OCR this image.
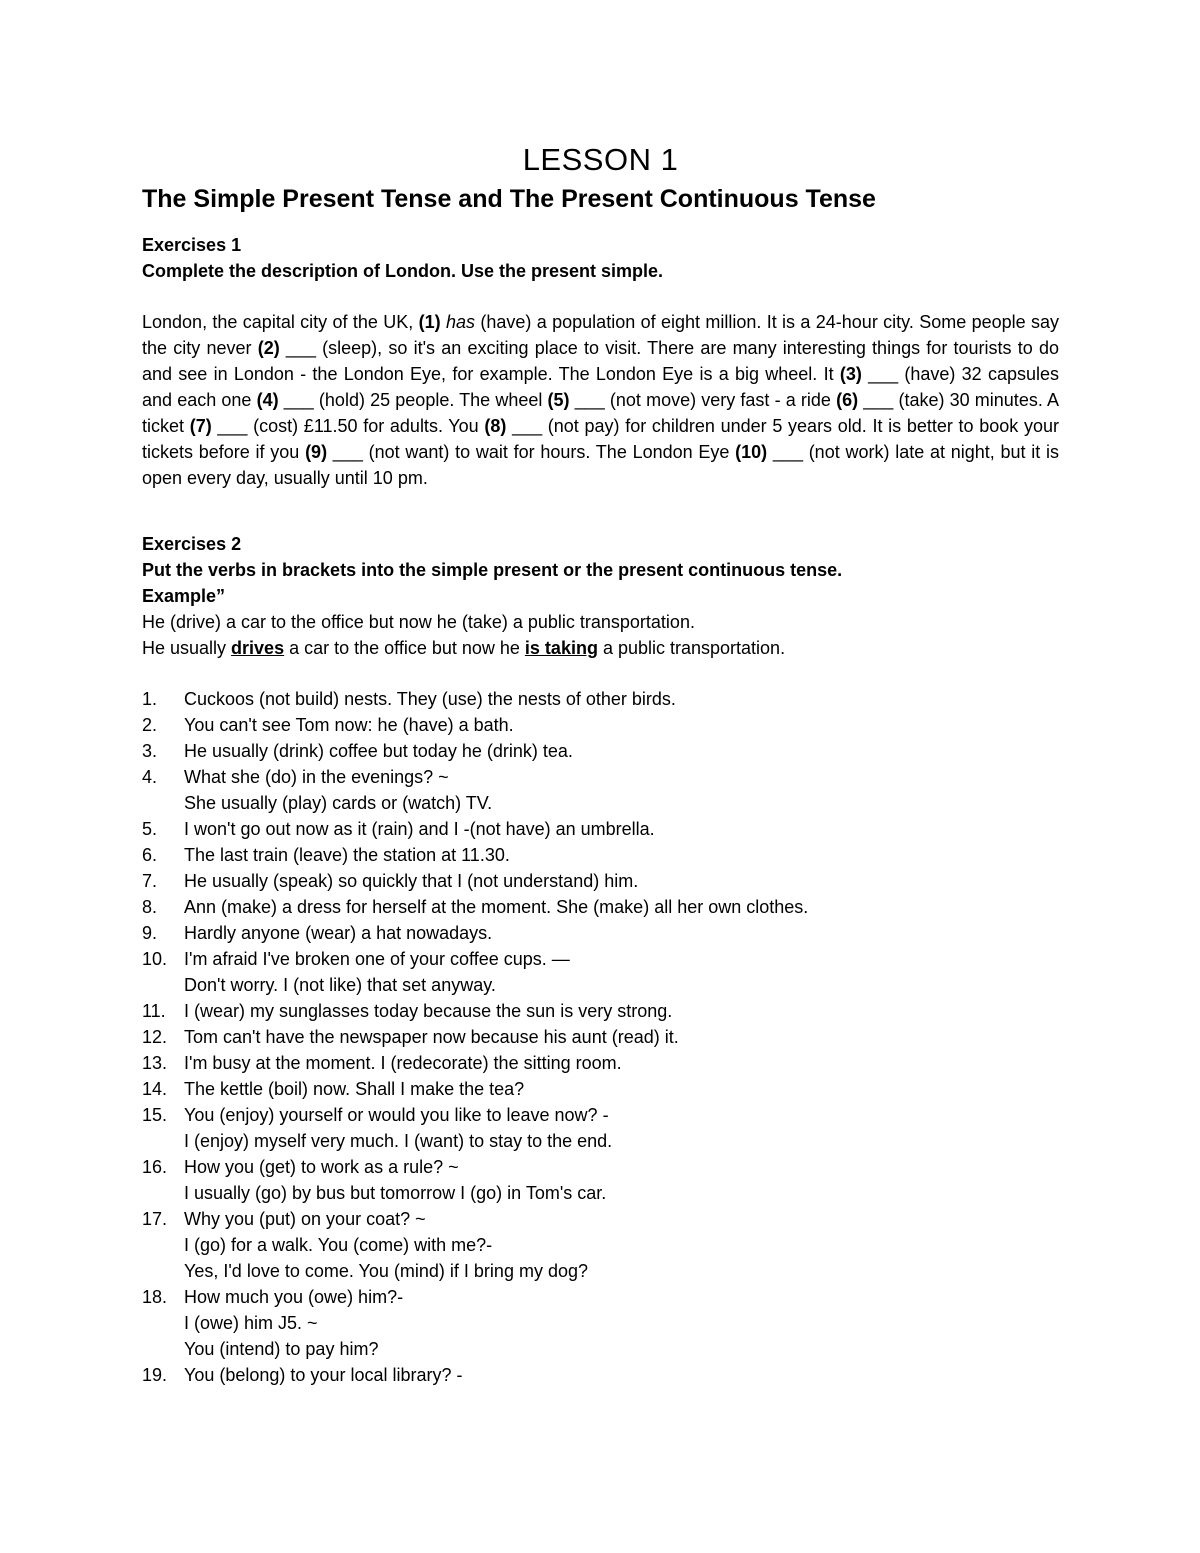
LESSON 1
The Simple Present Tense and The Present Continuous Tense

Exercises 1

Complete the description of London. Use the present simple.

London, the capital city of the UK, (1) has (have) a population of eight million. It is a 24-hour city. Some people say the city never (2) ___ (sleep), so it's an exciting place to visit. There are many interesting things for tourists to do and see in London - the London Eye, for example. The London Eye is a big wheel. It (3) ___ (have) 32 capsules and each one (4) ___ (hold) 25 people. The wheel (5) ___ (not move) very fast - a ride (6) ___ (take) 30 minutes. A ticket (7) ___ (cost) £11.50 for adults. You (8) ___ (not pay) for children under 5 years old. It is better to book your tickets before if you (9) ___ (not want) to wait for hours. The London Eye (10) ___ (not work) late at night, but it is open every day, usually until 10 pm.

Exercises 2

Put the verbs in brackets into the simple present or the present continuous tense.

Example”

He (drive) a car to the office but now he (take) a public transportation.

He usually drives a car to the office but now he is taking a public transportation.

1.	Cuckoos (not build) nests. They (use) the nests of other birds.
2.	You can't see Tom now: he (have) a bath.
3.	He usually (drink) coffee but today he (drink) tea.
4.	What she (do) in the evenings? ~
She usually (play) cards or (watch) TV.
5.	I won't go out now as it (rain) and I -(not have) an umbrella.
6.	The last train (leave) the station at 11.30.
7.	He usually (speak) so quickly that I (not understand) him.
8.	Ann (make) a dress for herself at the moment. She (make) all her own clothes.
9.	Hardly anyone (wear) a hat nowadays.
10. I'm afraid I've broken one of your coffee cups. —
Don't worry. I (not like) that set anyway.
11.	I (wear) my sunglasses today because the sun is very strong.
12. Tom can't have the newspaper now because his aunt (read) it.
13. I'm busy at the moment. I (redecorate) the sitting room.
14. The kettle (boil) now. Shall I make the tea?
15. You (enjoy) yourself or would you like to leave now? -
I (enjoy) myself very much. I (want) to stay to the end.
16. How you (get) to work as a rule? ~
I usually (go) by bus but tomorrow I (go) in Tom's car.
17. Why you (put) on your coat? ~
I (go) for a walk. You (come) with me?-
Yes, I'd love to come. You (mind) if I bring my dog?
18. How much you (owe) him?-
I (owe) him J5. ~
You (intend) to pay him?
19. You (belong) to your local library? -
